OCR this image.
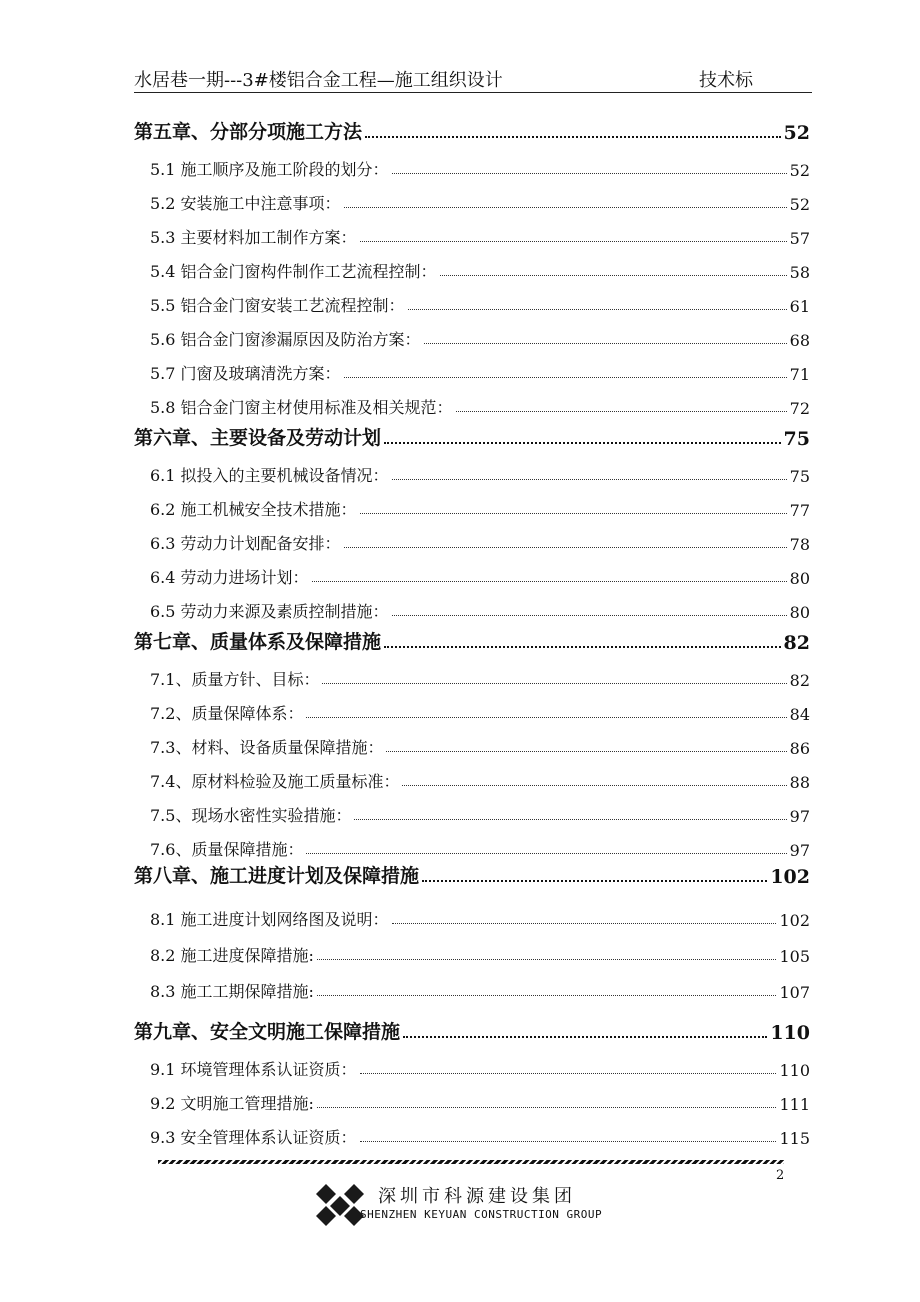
水居巷一期---3#楼铝合金工程—施工组织设计	技术标
第五章、分部分项施工方法	52
5.1 施工顺序及施工阶段的划分：	52
5.2 安装施工中注意事项：	52
5.3 主要材料加工制作方案：	57
5.4 铝合金门窗构件制作工艺流程控制：	58
5.5 铝合金门窗安装工艺流程控制：	61
5.6 铝合金门窗渗漏原因及防治方案：	68
5.7 门窗及玻璃清洗方案：	71
5.8 铝合金门窗主材使用标准及相关规范：	72
第六章、主要设备及劳动计划	75
6.1 拟投入的主要机械设备情况：	75
6.2 施工机械安全技术措施：	77
6.3 劳动力计划配备安排：	78
6.4 劳动力进场计划：	80
6.5 劳动力来源及素质控制措施：	80
第七章、质量体系及保障措施	82
7.1、质量方针、目标：	82
7.2、质量保障体系：	84
7.3、材料、设备质量保障措施：	86
7.4、原材料检验及施工质量标准：	88
7.5、现场水密性实验措施：	97
7.6、质量保障措施：	97
第八章、施工进度计划及保障措施	102
8.1 施工进度计划网络图及说明：	102
8.2 施工进度保障措施:	105
8.3 施工工期保障措施:	107
第九章、安全文明施工保障措施	110
9.1 环境管理体系认证资质：	110
9.2 文明施工管理措施:	111
9.3 安全管理体系认证资质：	115
2
深圳市科源建设集团
SHENZHEN KEYUAN CONSTRUCTION GROUP
